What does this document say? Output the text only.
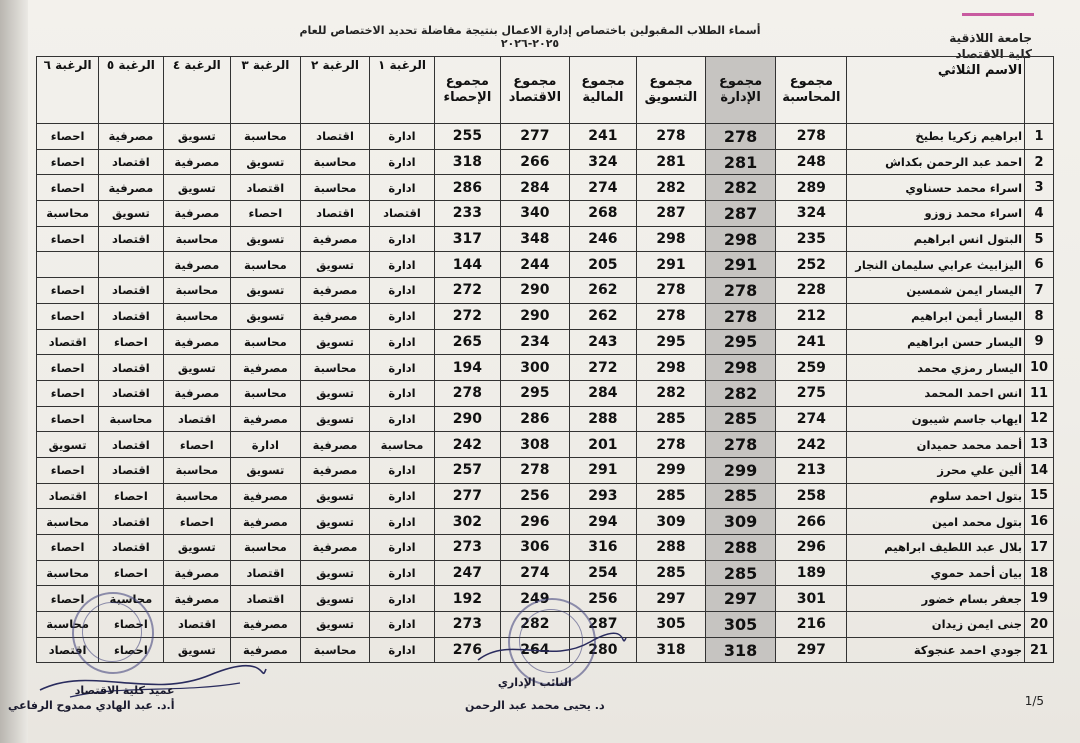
جامعة اللاذقية
كلية الاقتصاد
أسماء الطلاب المقبولين باختصاص إدارة الاعمال بنتيجة مفاضلة تحديد الاختصاص للعام ٢٠٢٥-٢٠٢٦
	الاسم الثلاثي	مجموع المحاسبة	مجموع الإدارة	مجموع التسويق	مجموع المالية	مجموع الاقتصاد	مجموع الإحصاء	الرغبة ١	الرغبة ٢	الرغبة ٣	الرغبة ٤	الرغبة ٥	الرغبة ٦
1	ابراهيم زكريا بطيخ	278	278	278	241	277	255	ادارة	اقتصاد	محاسبة	تسويق	مصرفية	احصاء
2	احمد عبد الرحمن بكداش	248	281	281	324	266	318	ادارة	محاسبة	تسويق	مصرفية	اقتصاد	احصاء
3	اسراء محمد حسناوي	289	282	282	274	284	286	ادارة	محاسبة	اقتصاد	تسويق	مصرفية	احصاء
4	اسراء محمد زوزو	324	287	287	268	340	233	اقتصاد	اقتصاد	احصاء	مصرفية	تسويق	محاسبة
5	البتول انس ابراهيم	235	298	298	246	348	317	ادارة	مصرفية	تسويق	محاسبة	اقتصاد	احصاء
6	اليزابيث عرابي سليمان النجار	252	291	291	205	244	144	ادارة	تسويق	محاسبة	مصرفية		
7	اليسار ايمن شمسين	228	278	278	262	290	272	ادارة	مصرفية	تسويق	محاسبة	اقتصاد	احصاء
8	اليسار أيمن ابراهيم	212	278	278	262	290	272	ادارة	مصرفية	تسويق	محاسبة	اقتصاد	احصاء
9	اليسار حسن ابراهيم	241	295	295	243	234	265	ادارة	تسويق	محاسبة	مصرفية	احصاء	اقتصاد
10	اليسار رمزي محمد	259	298	298	272	300	194	ادارة	محاسبة	مصرفية	تسويق	اقتصاد	احصاء
11	انس احمد المحمد	275	282	282	284	295	278	ادارة	تسويق	محاسبة	مصرفية	اقتصاد	احصاء
12	ايهاب جاسم شيبون	274	285	285	288	286	290	ادارة	تسويق	مصرفية	اقتصاد	محاسبة	احصاء
13	أحمد محمد حميدان	242	278	278	201	308	242	محاسبة	مصرفية	ادارة	احصاء	اقتصاد	تسويق
14	ألين علي محرز	213	299	299	291	278	257	ادارة	مصرفية	تسويق	محاسبة	اقتصاد	احصاء
15	بتول احمد سلوم	258	285	285	293	256	277	ادارة	تسويق	مصرفية	محاسبة	احصاء	اقتصاد
16	بتول محمد امين	266	309	309	294	296	302	ادارة	تسويق	مصرفية	احصاء	اقتصاد	محاسبة
17	بلال عبد اللطيف ابراهيم	296	288	288	316	306	273	ادارة	مصرفية	محاسبة	تسويق	اقتصاد	احصاء
18	بيان أحمد حموي	189	285	285	254	274	247	ادارة	تسويق	اقتصاد	مصرفية	احصاء	محاسبة
19	جعفر بسام خضور	301	297	297	256	249	192	ادارة	تسويق	اقتصاد	مصرفية	محاسبة	احصاء
20	جنى ايمن زيدان	216	305	305	287	282	273	ادارة	تسويق	مصرفية	اقتصاد	احصاء	محاسبة
21	جودي احمد عنجوكة	297	318	318	280	264	276	ادارة	محاسبة	مصرفية	تسويق	احصاء	اقتصاد
عميد كلية الاقتصاد
أ.د. عبد الهادي ممدوح الرفاعي
النائب الإداري
د. يحيى محمد عبد الرحمن	1/5
